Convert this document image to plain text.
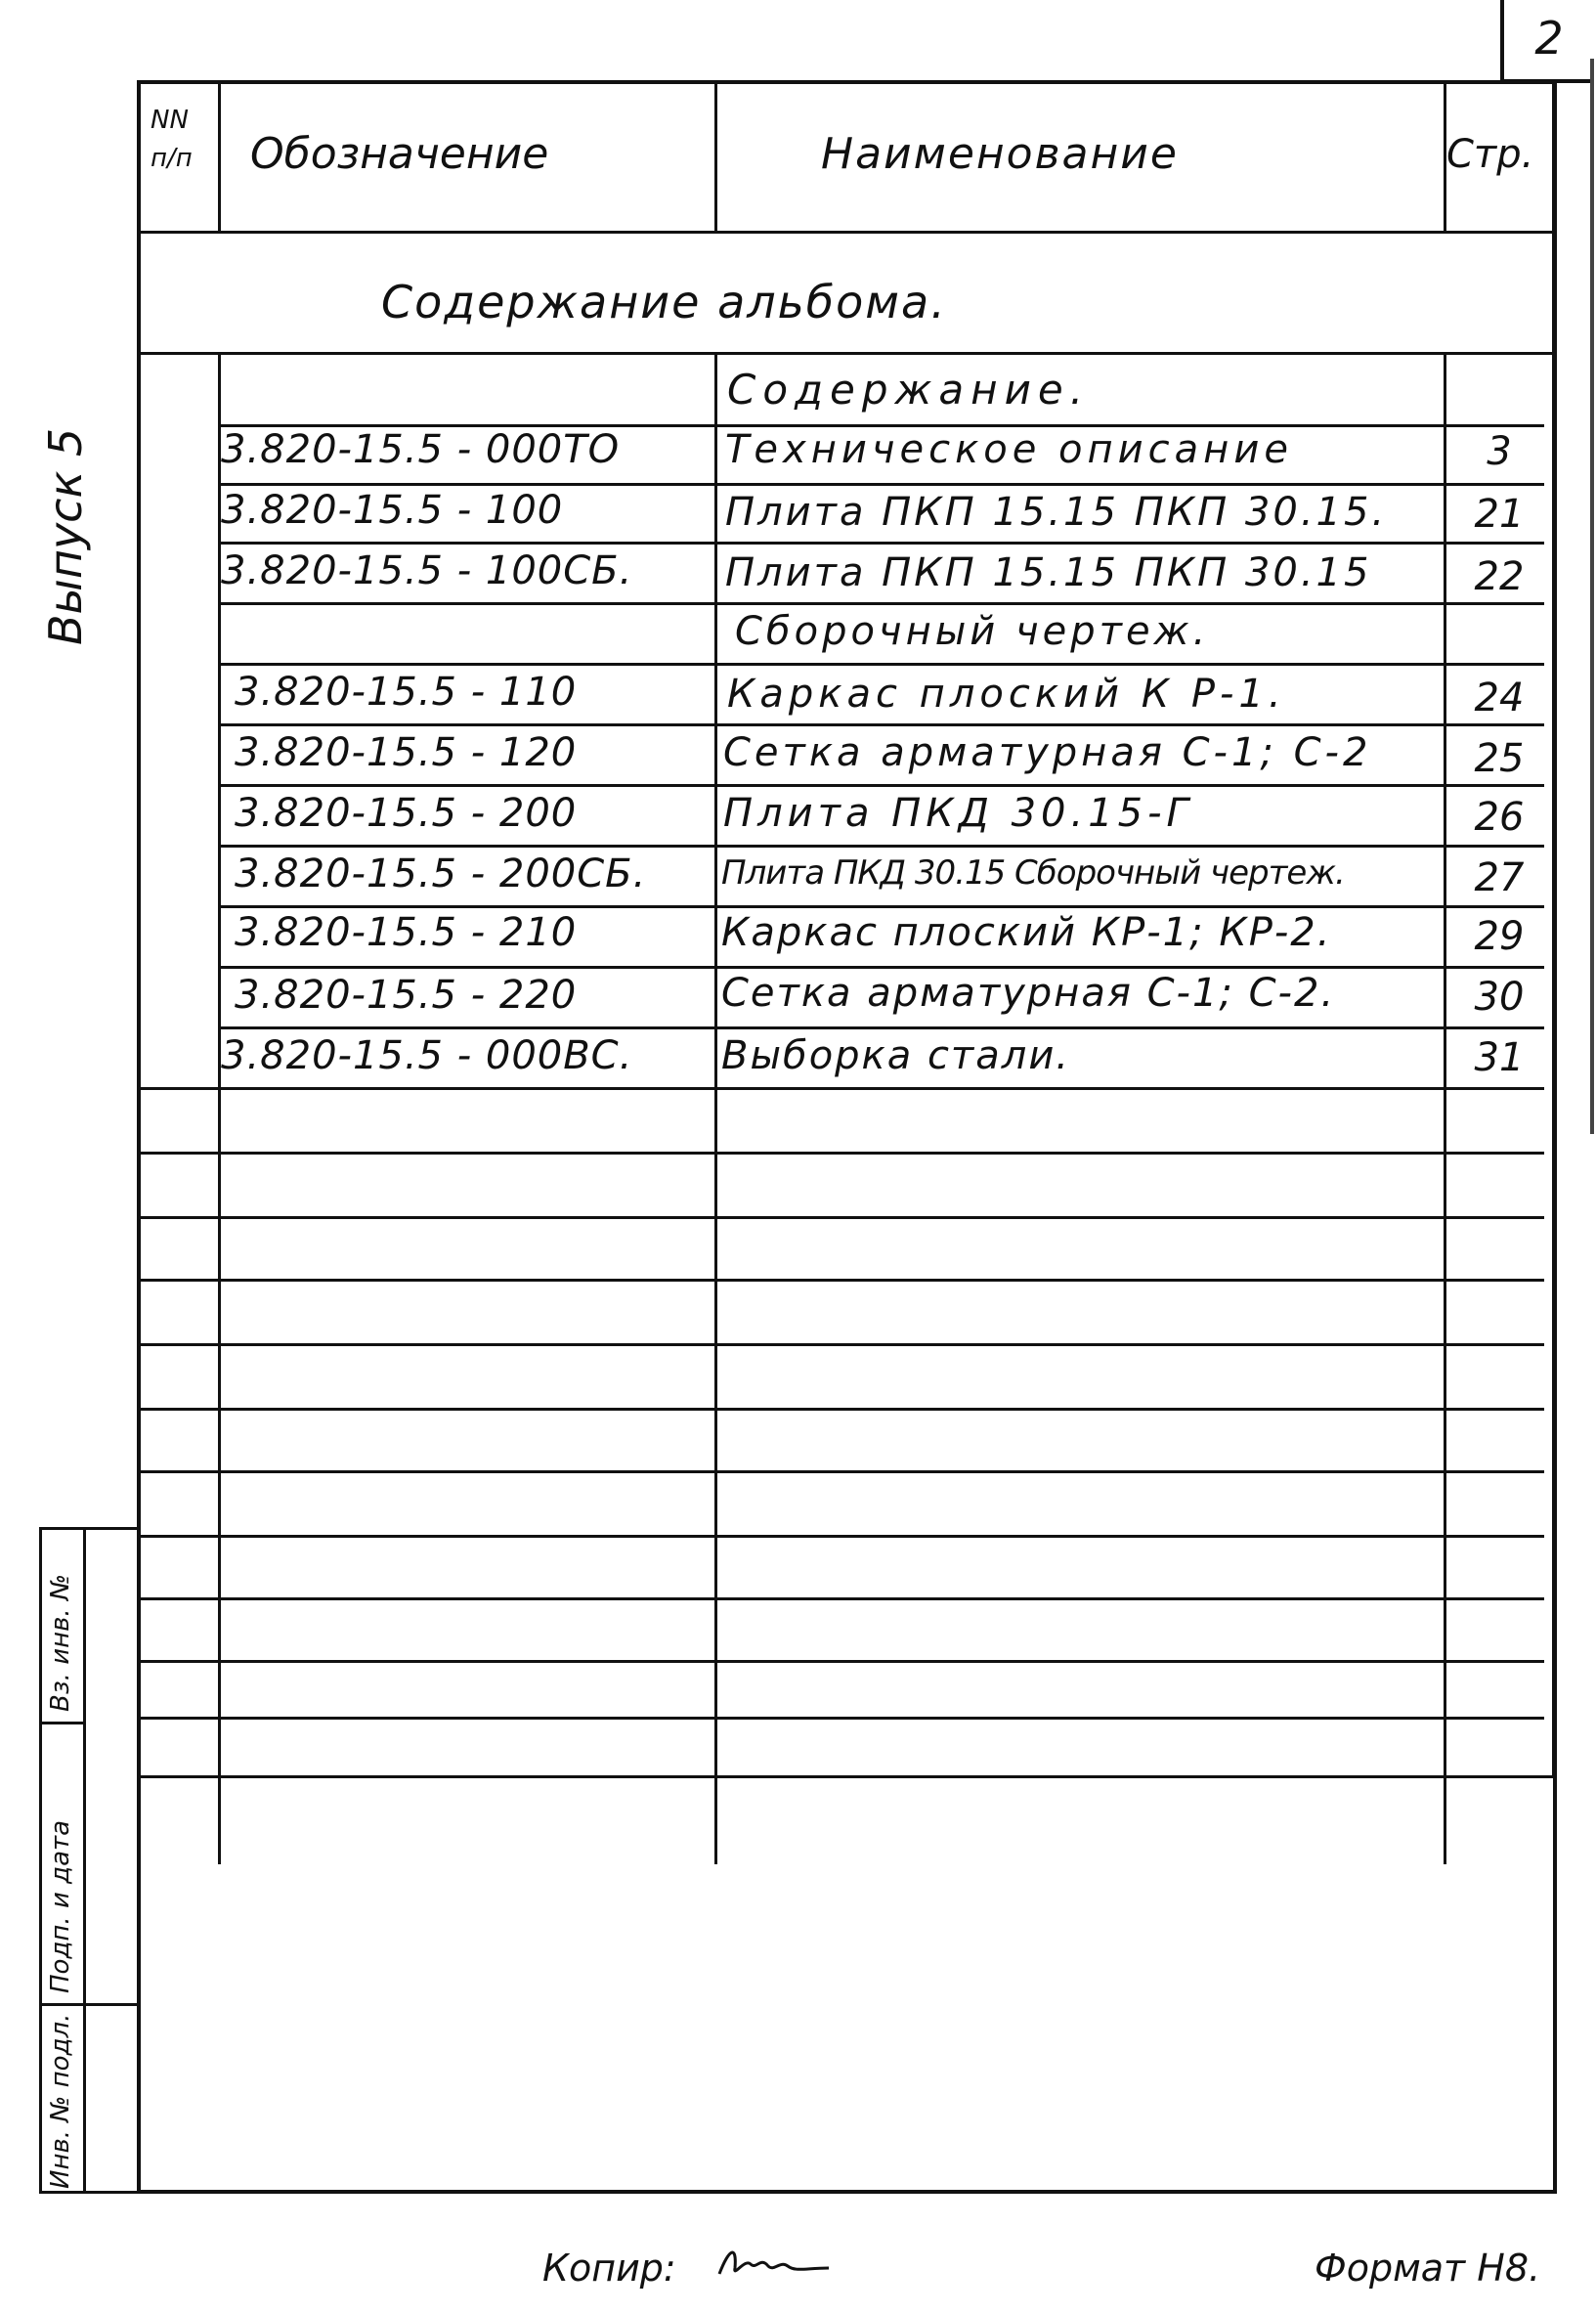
2
Выпуск 5
NN п/п	Обозначение	Наименование	Стр.
Содержание альбома.
Содержание.
3.820-15.5 - 000ТО	Техническое описание	3
3.820-15.5 - 100	Плита ПКП 15.15 ПКП 30.15.	21
3.820-15.5 - 100СБ. Плита ПКП 15.15 ПКП 30.15	22
Сборочный чертеж.
3.820-15.5 - 110	Каркас плоский К Р-1.	24
3.820-15.5 - 120	Сетка арматурная С-1; С-2	25
3.820-15.5 - 200	Плита ПКД 30.15-Г	26
3.820-15.5 - 200СБ. Плита ПКД 30.15 Сборочный чертеж.	27
3.820-15.5 - 210	Каркас плоский КР-1; КР-2.	29
3.820-15.5 - 220	Сетка арматурная С-1; С-2.	30
3.820-15.5 - 000ВС. Выборка стали.	31
Вз. инв. №
Подп. и дата
Инв. № подл.
Копир:	Формат Н8.
